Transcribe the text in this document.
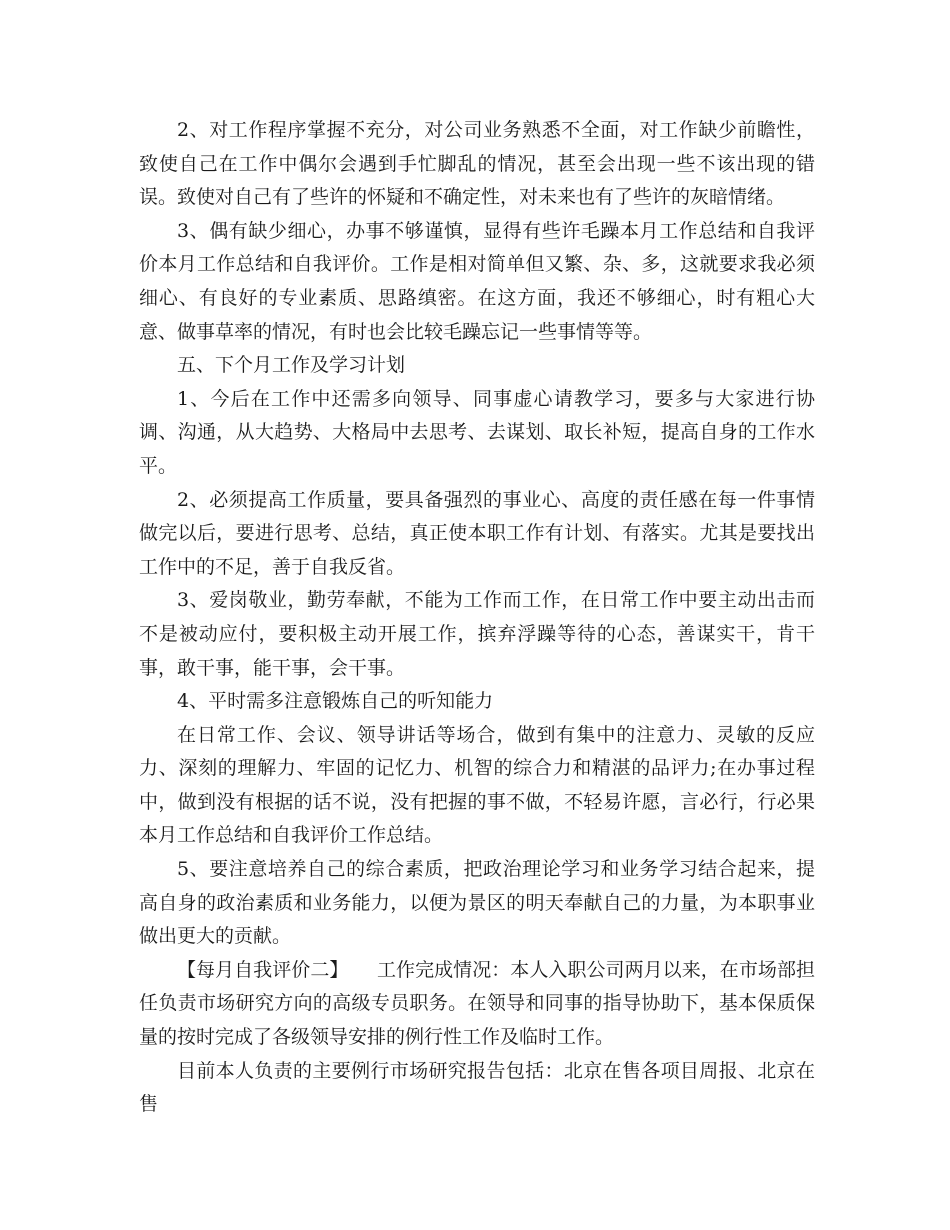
2、对工作程序掌握不充分，对公司业务熟悉不全面，对工作缺少前瞻性，致使自己在工作中偶尔会遇到手忙脚乱的情况，甚至会出现一些不该出现的错误。致使对自己有了些许的怀疑和不确定性，对未来也有了些许的灰暗情绪。

3、偶有缺少细心，办事不够谨慎，显得有些许毛躁本月工作总结和自我评价本月工作总结和自我评价。工作是相对简单但又繁、杂、多，这就要求我必须细心、有良好的专业素质、思路缜密。在这方面，我还不够细心，时有粗心大意、做事草率的情况，有时也会比较毛躁忘记一些事情等等。

五、下个月工作及学习计划

1、今后在工作中还需多向领导、同事虚心请教学习，要多与大家进行协调、沟通，从大趋势、大格局中去思考、去谋划、取长补短，提高自身的工作水平。

2、必须提高工作质量，要具备强烈的事业心、高度的责任感在每一件事情做完以后，要进行思考、总结，真正使本职工作有计划、有落实。尤其是要找出工作中的不足，善于自我反省。

3、爱岗敬业，勤劳奉献，不能为工作而工作，在日常工作中要主动出击而不是被动应付，要积极主动开展工作，摈弃浮躁等待的心态，善谋实干，肯干事，敢干事，能干事，会干事。

4、平时需多注意锻炼自己的听知能力

在日常工作、会议、领导讲话等场合，做到有集中的注意力、灵敏的反应力、深刻的理解力、牢固的记忆力、机智的综合力和精湛的品评力;在办事过程中，做到没有根据的话不说，没有把握的事不做，不轻易许愿，言必行，行必果本月工作总结和自我评价工作总结。

5、要注意培养自己的综合素质，把政治理论学习和业务学习结合起来，提高自身的政治素质和业务能力，以便为景区的明天奉献自己的力量，为本职事业做出更大的贡献。

【每月自我评价二】　　工作完成情况：本人入职公司两月以来，在市场部担任负责市场研究方向的高级专员职务。在领导和同事的指导协助下，基本保质保量的按时完成了各级领导安排的例行性工作及临时工作。

目前本人负责的主要例行市场研究报告包括：北京在售各项目周报、北京在售
